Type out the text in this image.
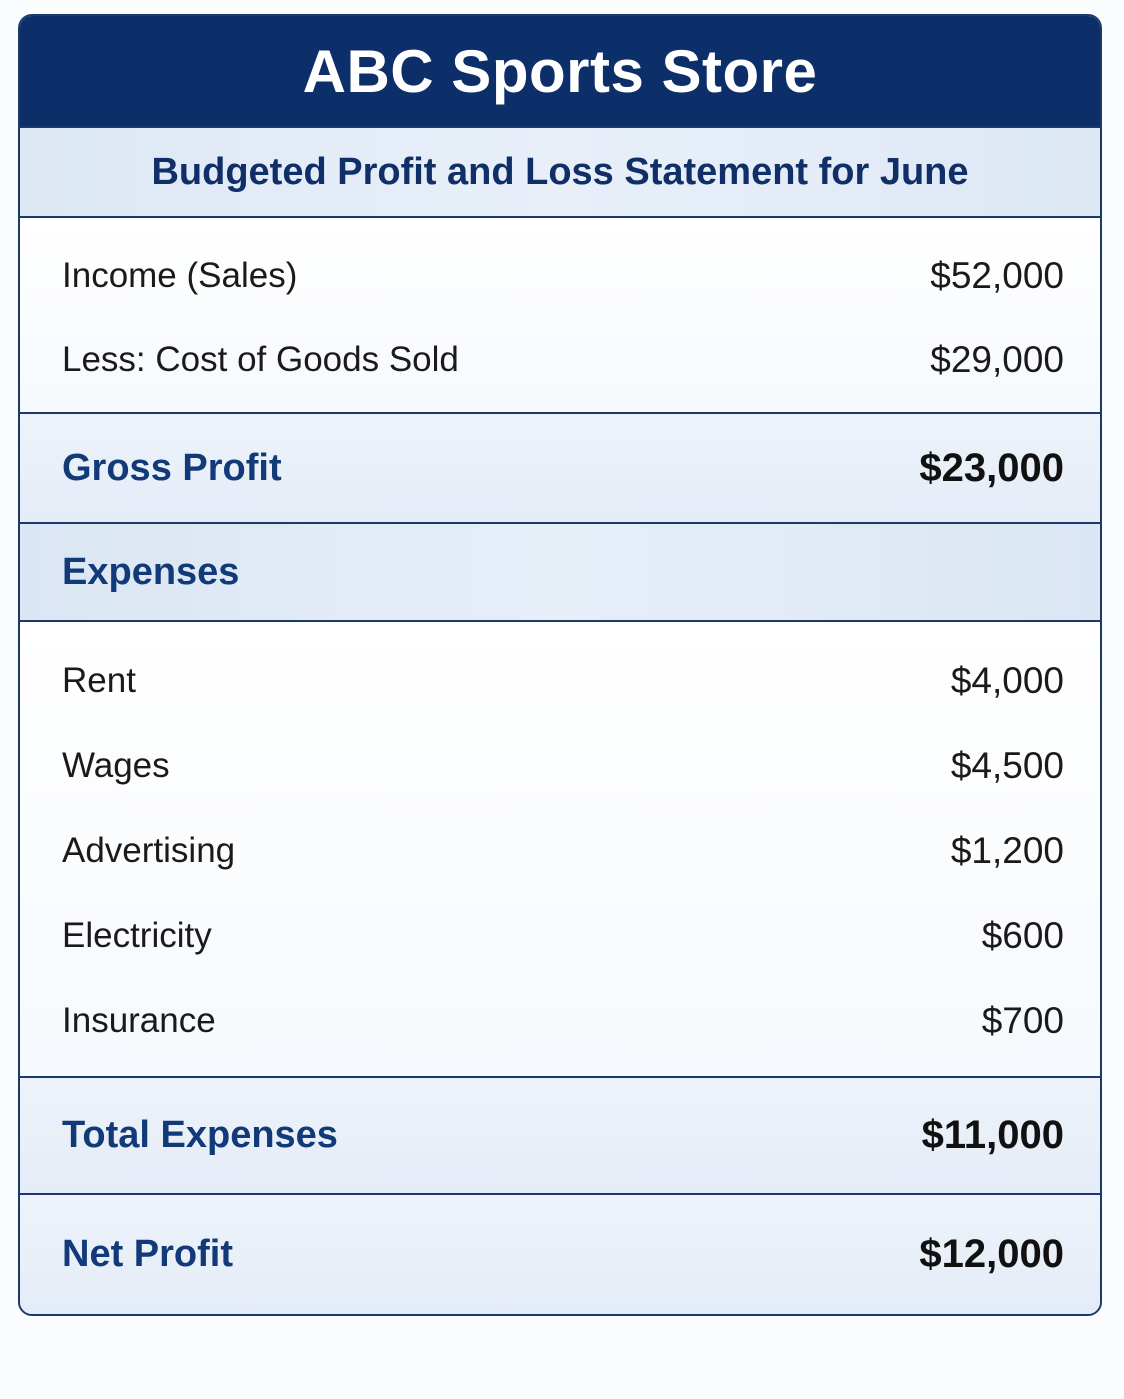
ABC Sports Store
Budgeted Profit and Loss Statement for June
Income (Sales)	$52,000
Less: Cost of Goods Sold	$29,000
Gross Profit	$23,000
Expenses
Rent	$4,000
Wages	$4,500
Advertising	$1,200
Electricity	$600
Insurance	$700
Total Expenses	$11,000
Net Profit	$12,000
